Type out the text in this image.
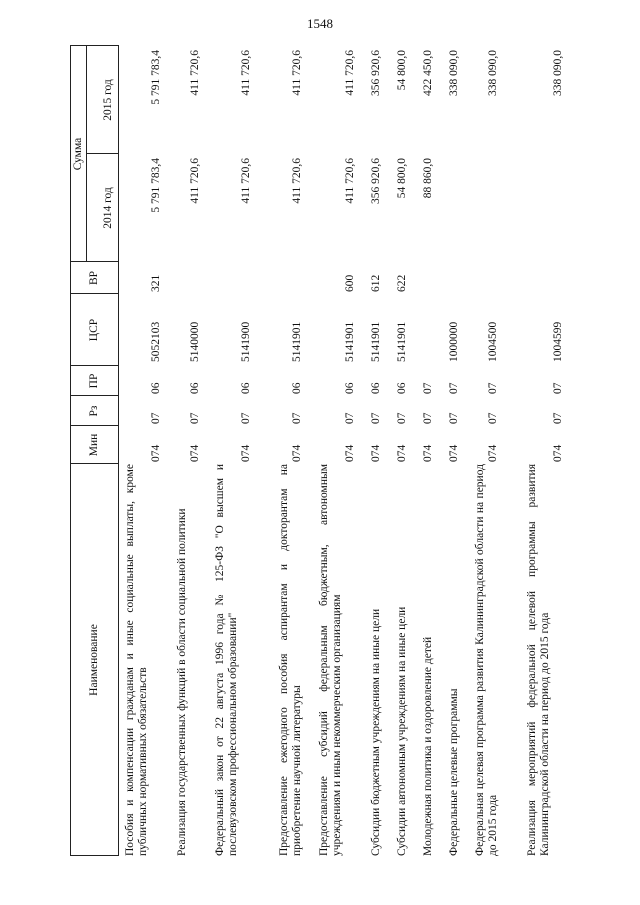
1548
Наименование
Мин
Рз
ПР
ЦСР
ВР
Сумма
2014 год
2015 год
Пособия и компенсации гражданам и иные социальные выплаты, кроме публичных нормативных обязательств
074
07
06
5052103
321
5 791 783,4
5 791 783,4
Реализация государственных функций в области социальной политики
074
07
06
5140000
411 720,6
411 720,6
Федеральный закон от 22 августа 1996 года № 125-ФЗ "О высшем и послевузовском профессиональном образовании"
074
07
06
5141900
411 720,6
411 720,6
Предоставление ежегодного пособия аспирантам и докторантам на приобретение научной литературы
074
07
06
5141901
411 720,6
411 720,6
Предоставление субсидий федеральным бюджетным, автономным учреждениям и иным некоммерческим организациям
074
07
06
5141901
600
411 720,6
411 720,6
Субсидии бюджетным учреждениям на иные цели
074
07
06
5141901
612
356 920,6
356 920,6
Субсидии автономным учреждениям на иные цели
074
07
06
5141901
622
54 800,0
54 800,0
Молодежная политика и оздоровление детей
074
07
07
88 860,0
422 450,0
Федеральные целевые программы
074
07
07
1000000
338 090,0
Федеральная целевая программа развития Калининградской области на период до 2015 года
074
07
07
1004500
338 090,0
Реализация мероприятий федеральной целевой программы развития Калининградской области на период до 2015 года
074
07
07
1004599
338 090,0
